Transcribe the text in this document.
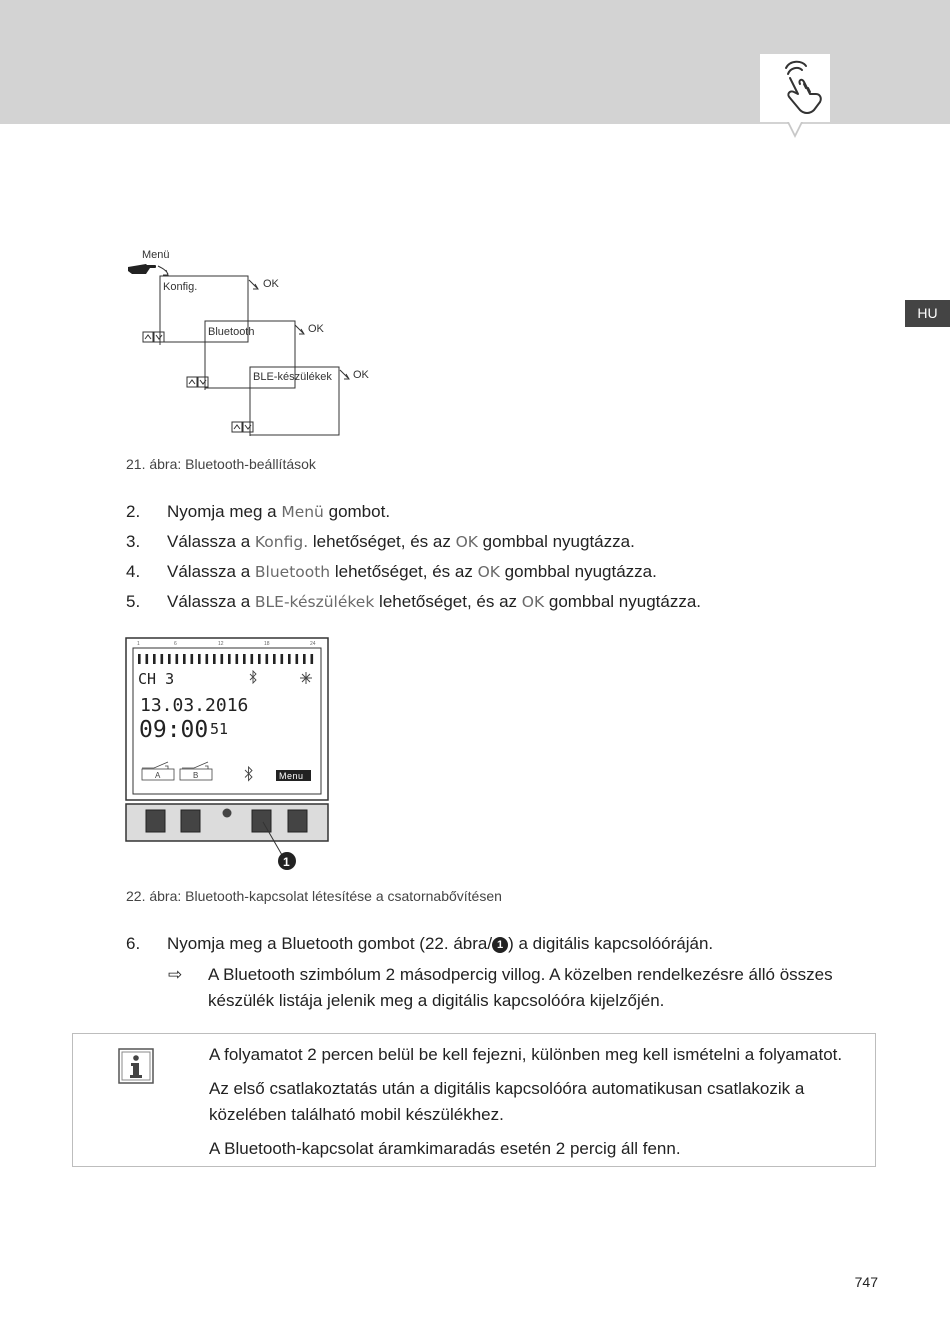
HU
Menü
Konfig.
Bluetooth
BLE-készülékek
OK
OK
OK
21. ábra: Bluetooth-beállítások
2.	Nyomja meg a Menü gombot.
3.	Válassza a Konfig. lehetőséget, és az OK gombbal nyugtázza.
4.	Válassza a Bluetooth lehetőséget, és az OK gombbal nyugtázza.
5.	Válassza a BLE-készülékek lehetőséget, és az OK gombbal nyugtázza.
1	6	12	18	24
CH 3
13.03.2016
09:00 51
A	B	Menu
1
22. ábra: Bluetooth-kapcsolat létesítése a csatornabővítésen
6. Nyomja meg a Bluetooth gombot (22. ábra/ 1 ) a digitális kapcsolóóráján.
⇨	A Bluetooth szimbólum 2 másodpercig villog. A közelben rendelkezésre álló összes készülék listája jelenik meg a digitális kapcsolóóra kijelzőjén.

A folyamatot 2 percen belül be kell fejezni, különben meg kell ismételni a folyamatot.

Az első csatlakoztatás után a digitális kapcsolóóra automatikusan csatlakozik a közelében található mobil készülékhez.

A Bluetooth-kapcsolat áramkimaradás esetén 2 percig áll fenn.

747
